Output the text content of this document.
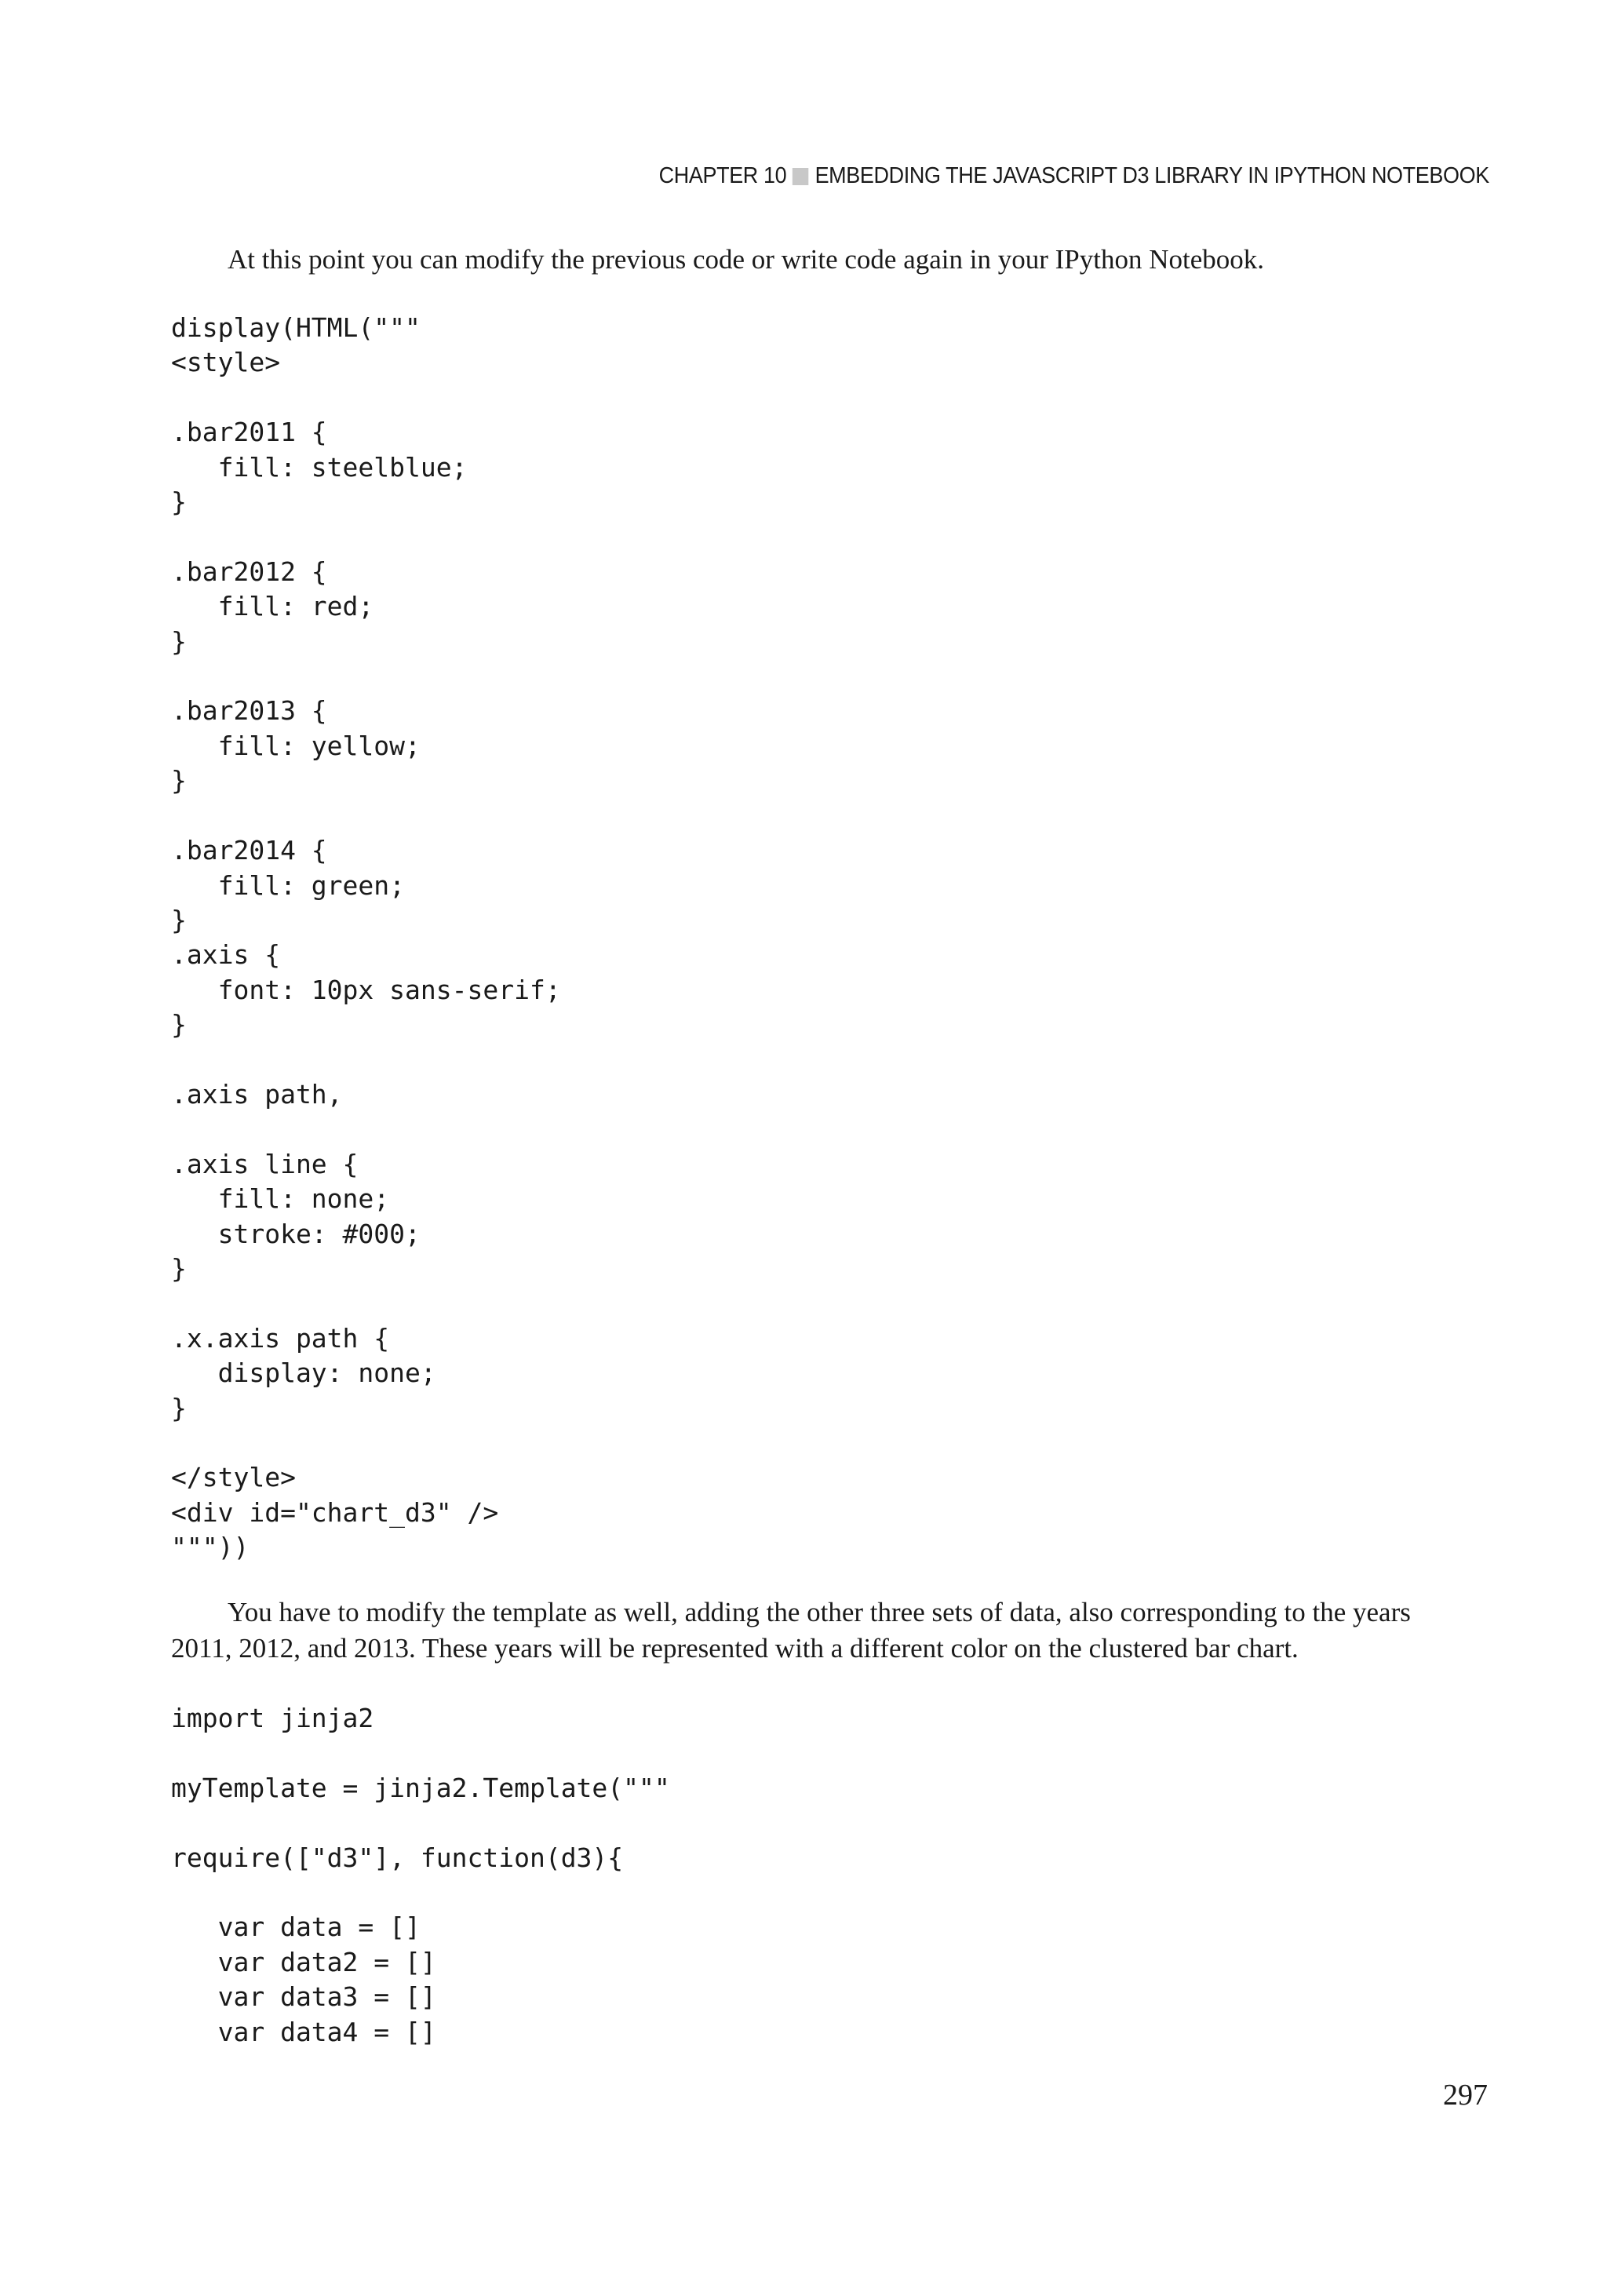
CHAPTER 10 EMBEDDING THE JAVASCRIPT D3 LIBRARY IN IPYTHON NOTEBOOK

At this point you can modify the previous code or write code again in your IPython Notebook.

display(HTML("""
<style>

.bar2011 {
fill: steelblue;
}

.bar2012 {
fill: red;
}

.bar2013 {
fill: yellow;
}

.bar2014 {
fill: green;
}
.axis {
font: 10px sans-serif;
}

.axis path,

.axis line {
fill: none;
stroke: #000;
}

.x.axis path {
display: none;
}

</style>
<div id="chart_d3" />
"""))

You have to modify the template as well, adding the other three sets of data, also corresponding to the years 2011, 2012, and 2013. These years will be represented with a different color on the clustered bar chart.

import jinja2

myTemplate = jinja2.Template("""

require(["d3"], function(d3){

var data = []
var data2 = []
var data3 = []
var data4 = []
297
